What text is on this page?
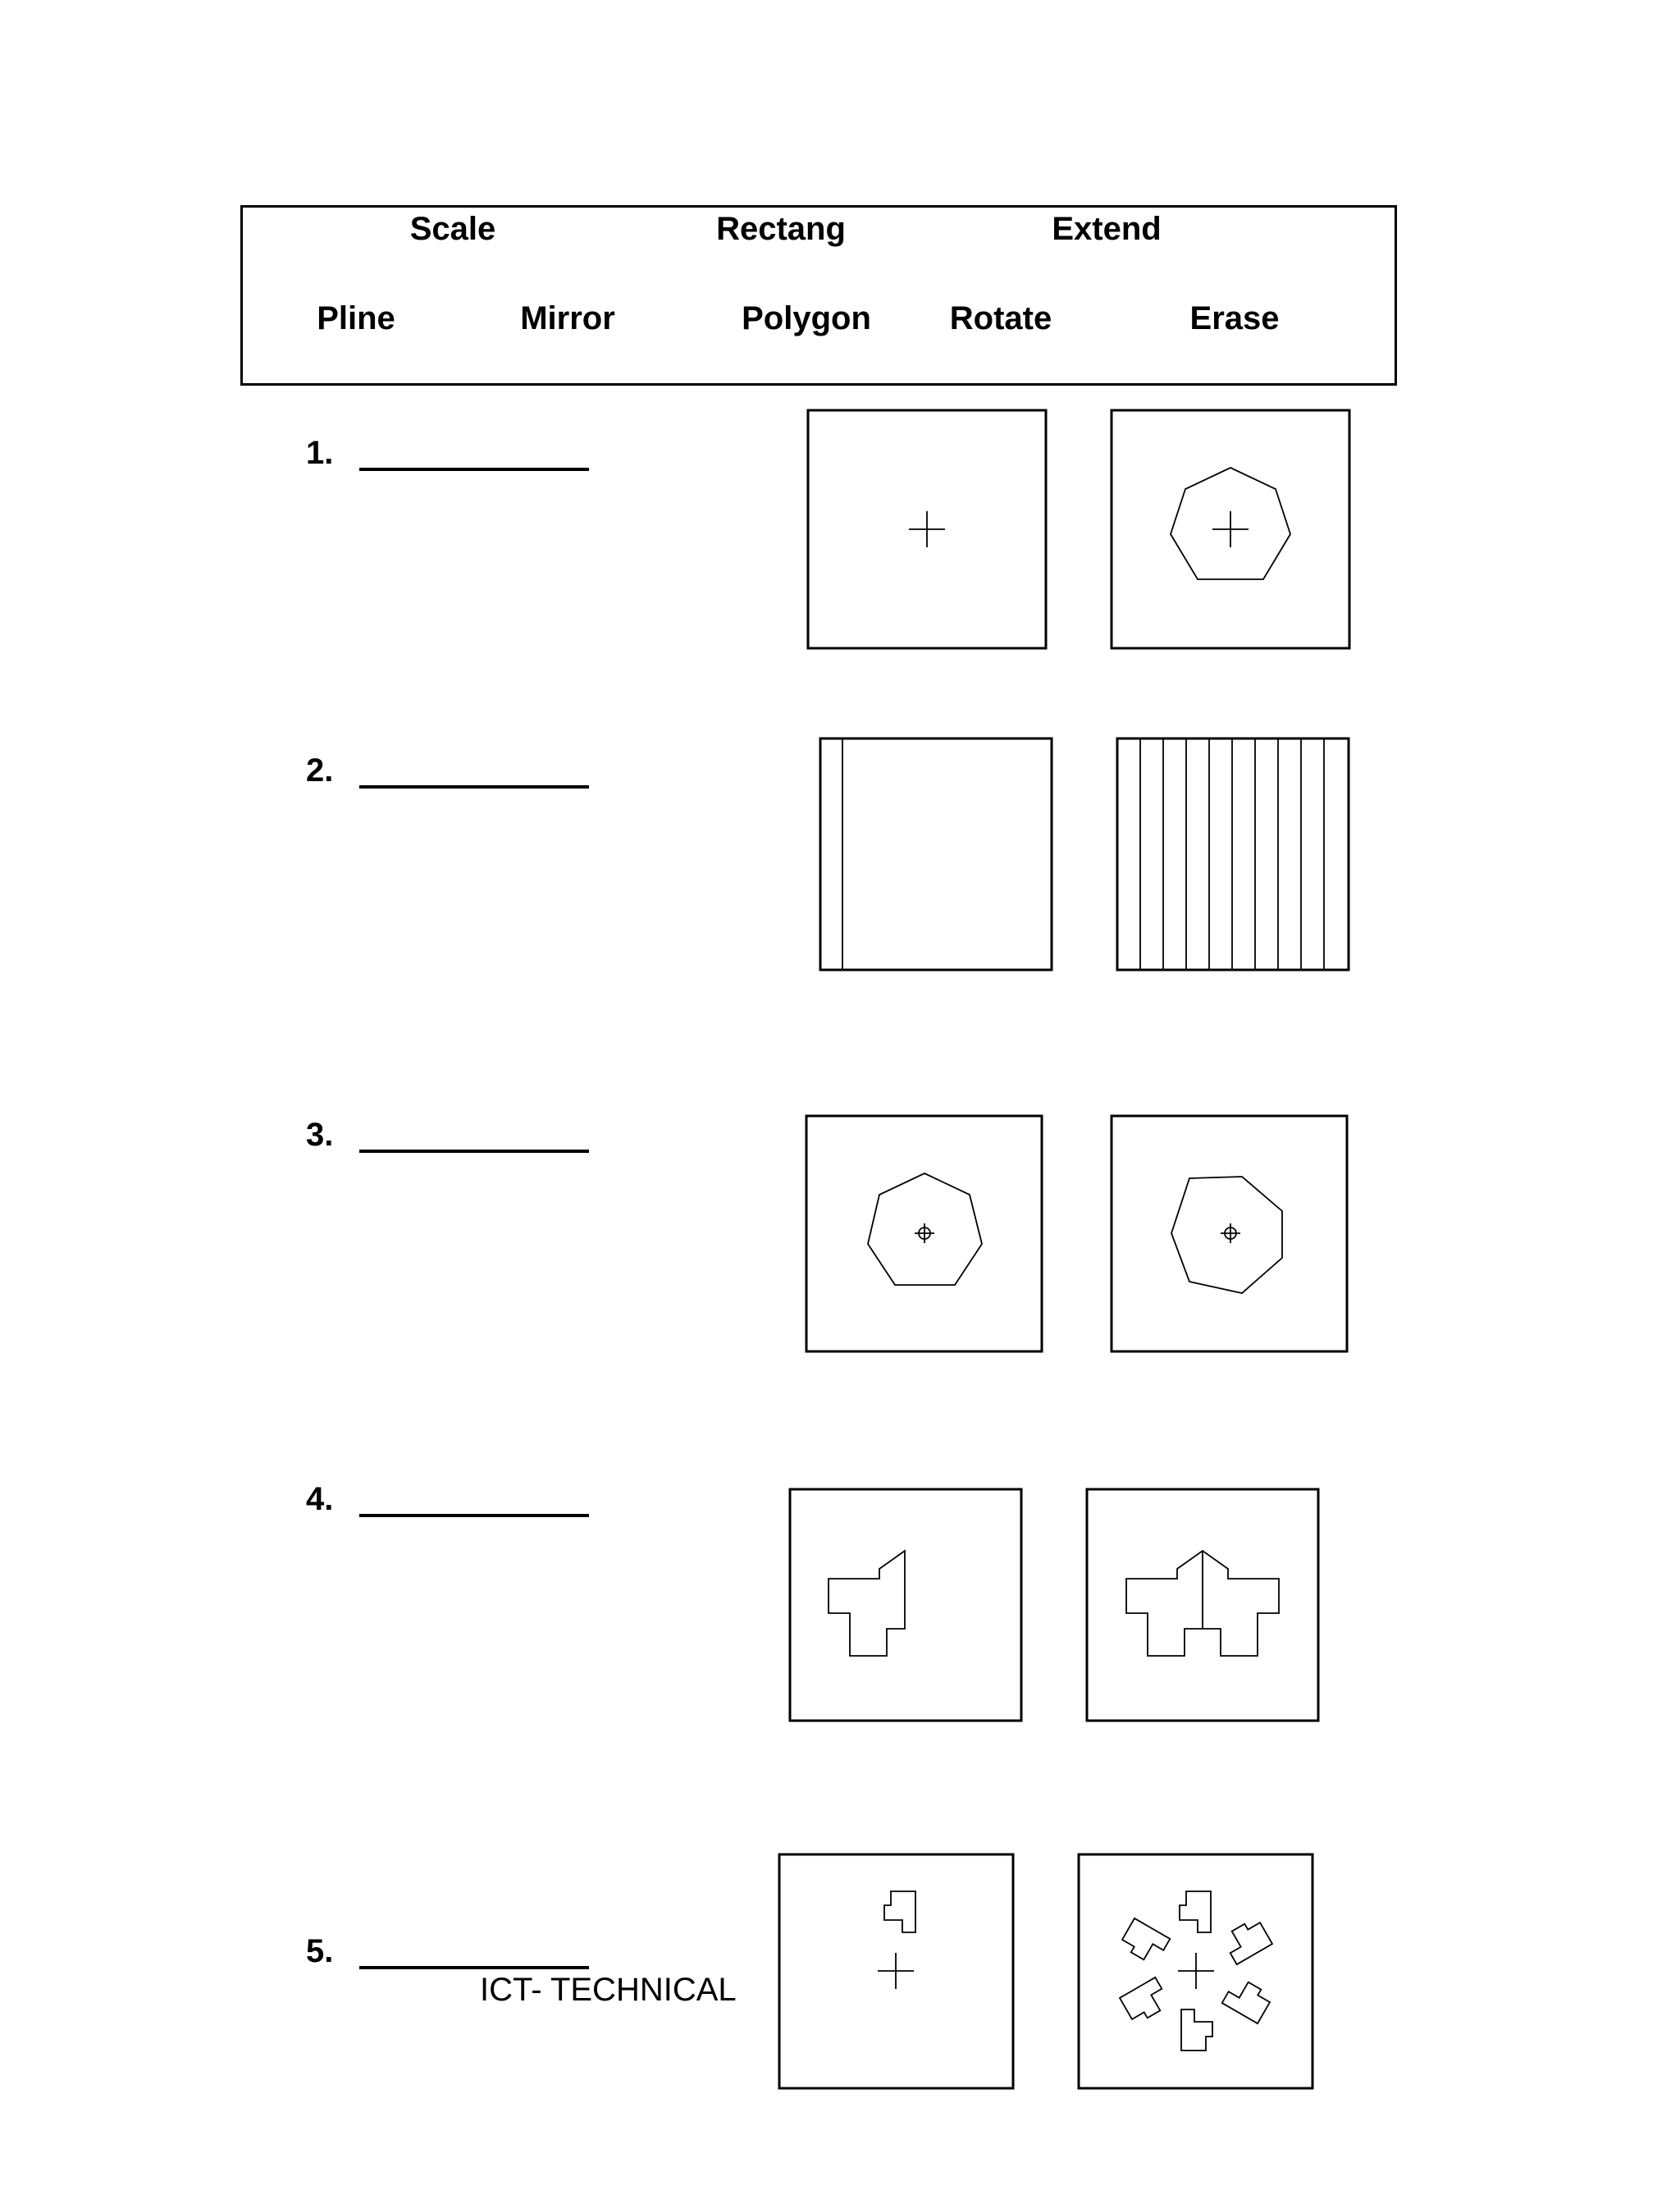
Scale	Rectang	Extend
Pline	Mirror	Polygon Rotate	Erase
1.
2.
3.
4.
5.
ICT- TECHNICAL
